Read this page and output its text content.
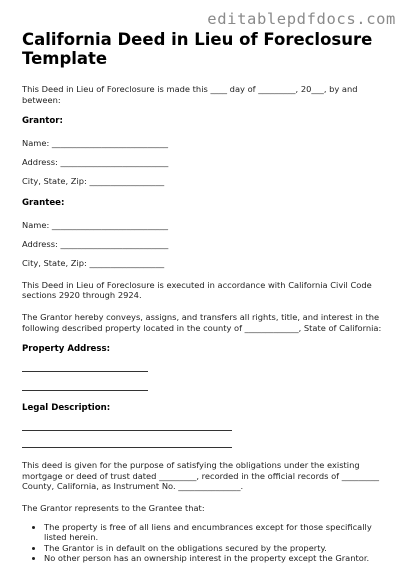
editablepdfdocs.com
California Deed in Lieu of Foreclosure Template

This Deed in Lieu of Foreclosure is made this ____ day of _________, 20___, by and between:

Grantor:
Name: ____________________________
Address: __________________________
City, State, Zip: __________________
Grantee:
Name: ____________________________
Address: __________________________
City, State, Zip: __________________

This Deed in Lieu of Foreclosure is executed in accordance with California Civil Code sections 2920 through 2924.

The Grantor hereby conveys, assigns, and transfers all rights, title, and interest in the following described property located in the county of _____________, State of California:

Property Address:
Legal Description:

This deed is given for the purpose of satisfying the obligations under the existing mortgage or deed of trust dated _________, recorded in the official records of _________ County, California, as Instrument No. _______________.

The Grantor represents to the Grantee that:

• The property is free of all liens and encumbrances except for those specifically listed herein.
• The Grantor is in default on the obligations secured by the property.
• No other person has an ownership interest in the property except the Grantor.
